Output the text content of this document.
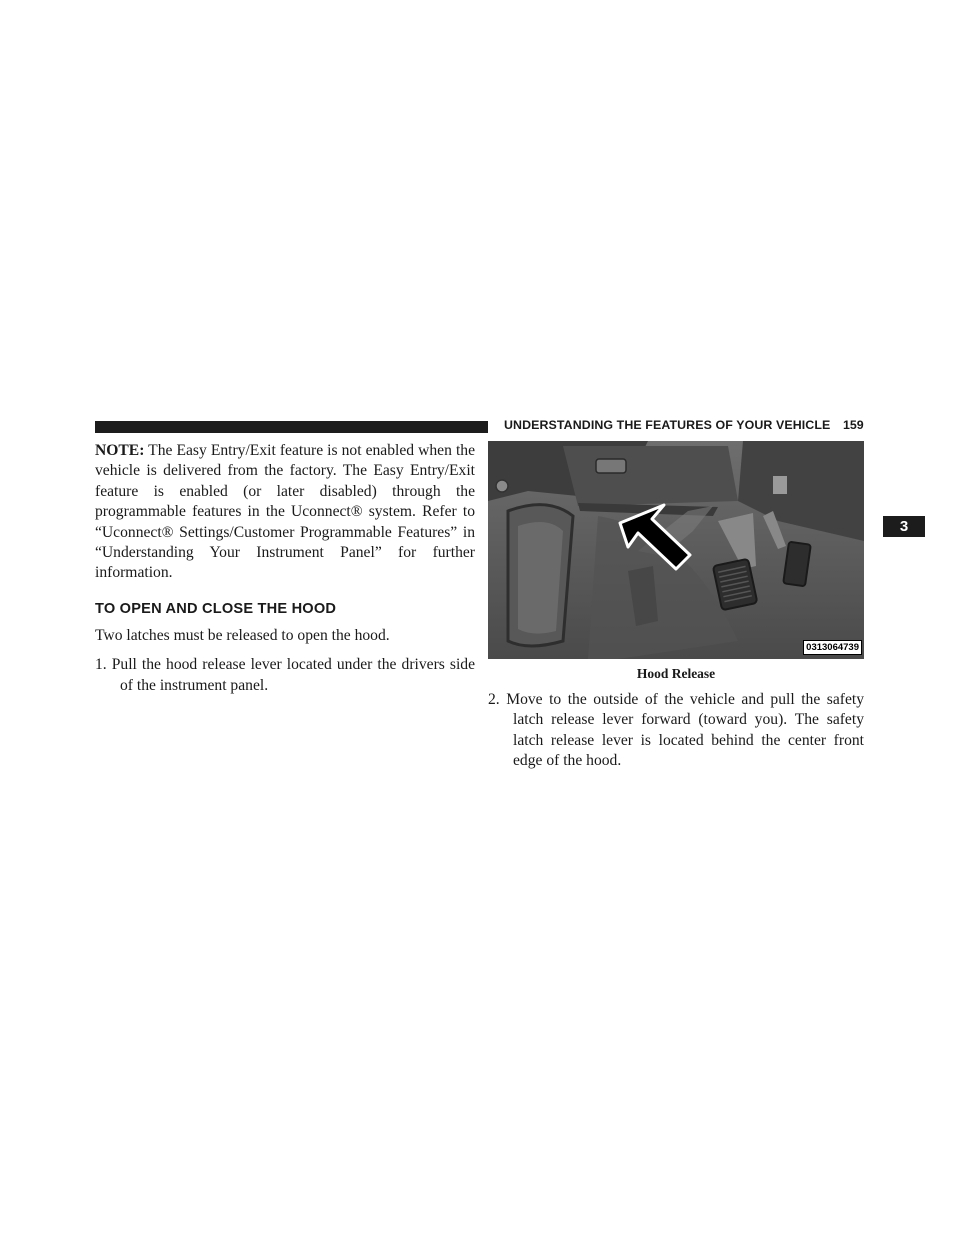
UNDERSTANDING THE FEATURES OF YOUR VEHICLE 159
3

NOTE: The Easy Entry/Exit feature is not enabled when the vehicle is delivered from the factory. The Easy Entry/Exit feature is enabled (or later disabled) through the programmable features in the Uconnect® system. Refer to “Uconnect® Settings/Customer Programmable Features” in “Understanding Your Instrument Panel” for further information.

TO OPEN AND CLOSE THE HOOD

Two latches must be released to open the hood.

1. Pull the hood release lever located under the drivers side of the instrument panel.

0313064739
Hood Release

2. Move to the outside of the vehicle and pull the safety latch release lever forward (toward you). The safety latch release lever is located behind the center front edge of the hood.
